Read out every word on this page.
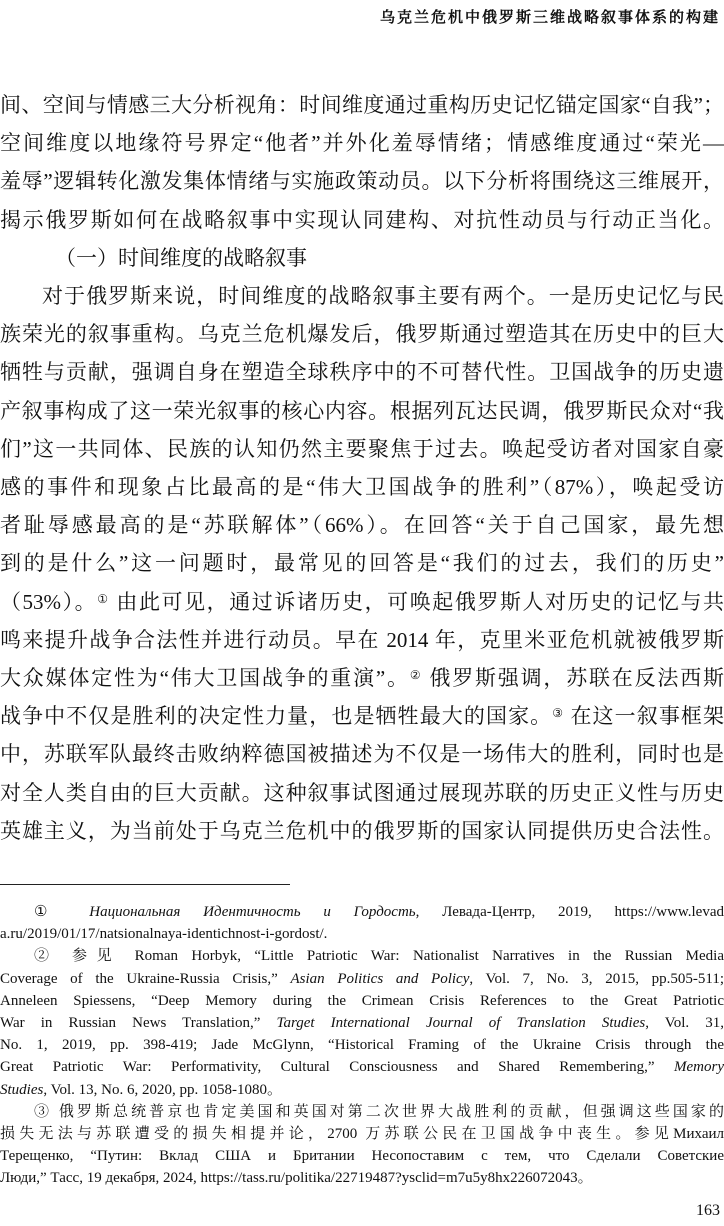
乌克兰危机中俄罗斯三维战略叙事体系的构建
间、空间与情感三大分析视角：时间维度通过重构历史记忆锚定国家“自我”；
空间维度以地缘符号界定“他者”并外化羞辱情绪；情感维度通过“荣光—
羞辱”逻辑转化激发集体情绪与实施政策动员。以下分析将围绕这三维展开，
揭示俄罗斯如何在战略叙事中实现认同建构、对抗性动员与行动正当化。
（一）时间维度的战略叙事
对于俄罗斯来说，时间维度的战略叙事主要有两个。一是历史记忆与民
族荣光的叙事重构。乌克兰危机爆发后，俄罗斯通过塑造其在历史中的巨大
牺牲与贡献，强调自身在塑造全球秩序中的不可替代性。卫国战争的历史遗
产叙事构成了这一荣光叙事的核心内容。根据列瓦达民调，俄罗斯民众对“我
们”这一共同体、民族的认知仍然主要聚焦于过去。唤起受访者对国家自豪
感的事件和现象占比最高的是“伟大卫国战争的胜利”（87%），唤起受访
者耻辱感最高的是“苏联解体”（66%）。在回答“关于自己国家，最先想
到的是什么”这一问题时，最常见的回答是“我们的过去，我们的历史”
（53%）。① 由此可见，通过诉诸历史，可唤起俄罗斯人对历史的记忆与共
鸣来提升战争合法性并进行动员。早在 2014 年，克里米亚危机就被俄罗斯
大众媒体定性为“伟大卫国战争的重演”。② 俄罗斯强调，苏联在反法西斯
战争中不仅是胜利的决定性力量，也是牺牲最大的国家。③ 在这一叙事框架
中，苏联军队最终击败纳粹德国被描述为不仅是一场伟大的胜利，同时也是
对全人类自由的巨大贡献。这种叙事试图通过展现苏联的历史正义性与历史
英雄主义，为当前处于乌克兰危机中的俄罗斯的国家认同提供历史合法性。
① Национальная Идентичность и Гордость, Левада-Центр, 2019, https://www.levad
a.ru/2019/01/17/natsionalnaya-identichnost-i-gordost/.
② 参见 Roman Horbyk, “Little Patriotic War: Nationalist Narratives in the Russian Media
Coverage of the Ukraine-Russia Crisis,” Asian Politics and Policy, Vol. 7, No. 3, 2015, pp.505-511;
Anneleen Spiessens, “Deep Memory during the Crimean Crisis References to the Great Patriotic
War in Russian News Translation,” Target International Journal of Translation Studies, Vol. 31,
No. 1, 2019, pp. 398-419; Jade McGlynn, “Historical Framing of the Ukraine Crisis through the
Great Patriotic War: Performativity, Cultural Consciousness and Shared Remembering,” Memory
Studies, Vol. 13, No. 6, 2020, pp. 1058-1080。
③ 俄罗斯总统普京也肯定美国和英国对第二次世界大战胜利的贡献，但强调这些国家的
损失无法与苏联遭受的损失相提并论，2700 万苏联公民在卫国战争中丧生。参见Михаил
Терещенко, “Путин: Вклад США и Британии Несопоставим с тем, что Сделали Советские
Люди,” Тасс, 19 декабря, 2024, https://tass.ru/politika/22719487?ysclid=m7u5y8hx226072043。
163
